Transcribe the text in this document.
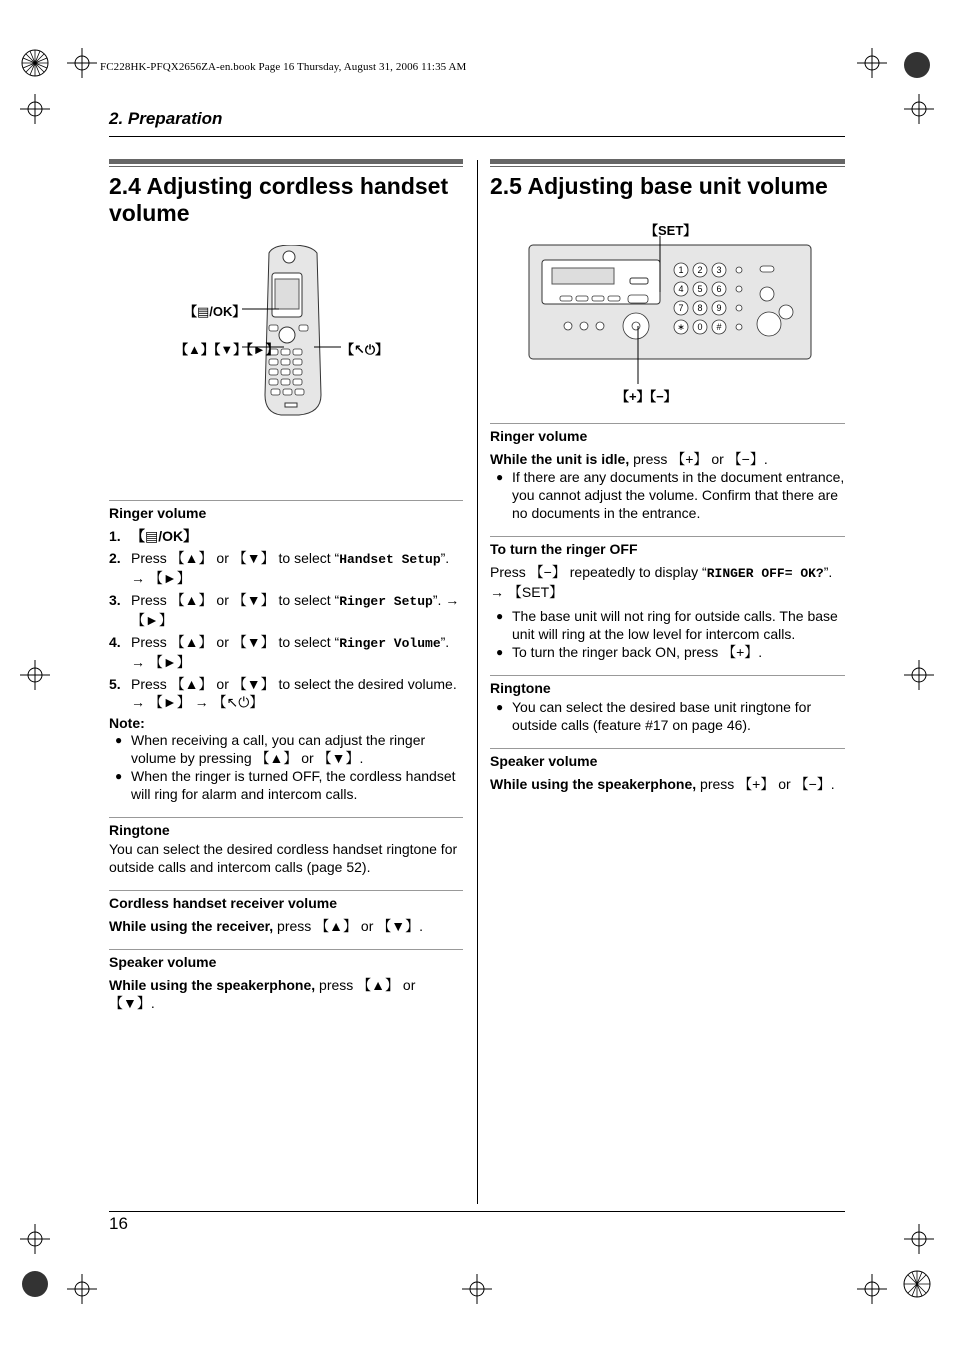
FC228HK-PFQX2656ZA-en.book Page 16 Thursday, August 31, 2006 11:35 AM
2. Preparation
16
2.4 Adjusting cordless handset volume
【▤/OK】
【▲】【▼】【►】	【↖⏻】

Ringer volume

1. 【▤/OK】
2. Press 【▲】 or 【▼】 to select “Handset Setup”. → 【►】
3. Press 【▲】 or 【▼】 to select “Ringer Setup”. → 【►】
4. Press 【▲】 or 【▼】 to select “Ringer Volume”. → 【►】
5. Press 【▲】 or 【▼】 to select the desired volume. → 【►】 → 【↖⏻】

Note:

● When receiving a call, you can adjust the ringer volume by pressing 【▲】 or 【▼】.
● When the ringer is turned OFF, the cordless handset will ring for alarm and intercom calls.

Ringtone

You can select the desired cordless handset ringtone for outside calls and intercom calls (page 52).

Cordless handset receiver volume

While using the receiver, press 【▲】 or 【▼】.

Speaker volume

While using the speakerphone, press 【▲】 or 【▼】.

2.5 Adjusting base unit volume
【SET】
【+】【−】
1 2 3
4 5 6
7 8 9
∗ 0 #

Ringer volume

While the unit is idle, press 【+】 or 【−】.

● If there are any documents in the document entrance, you cannot adjust the volume. Confirm that there are no documents in the entrance.

To turn the ringer OFF

Press 【−】 repeatedly to display “RINGER OFF= OK?”. → 【SET】

● The base unit will not ring for outside calls. The base unit will ring at the low level for intercom calls.
● To turn the ringer back ON, press 【+】.

Ringtone

● You can select the desired base unit ringtone for outside calls (feature #17 on page 46).

Speaker volume

While using the speakerphone, press 【+】 or 【−】.
